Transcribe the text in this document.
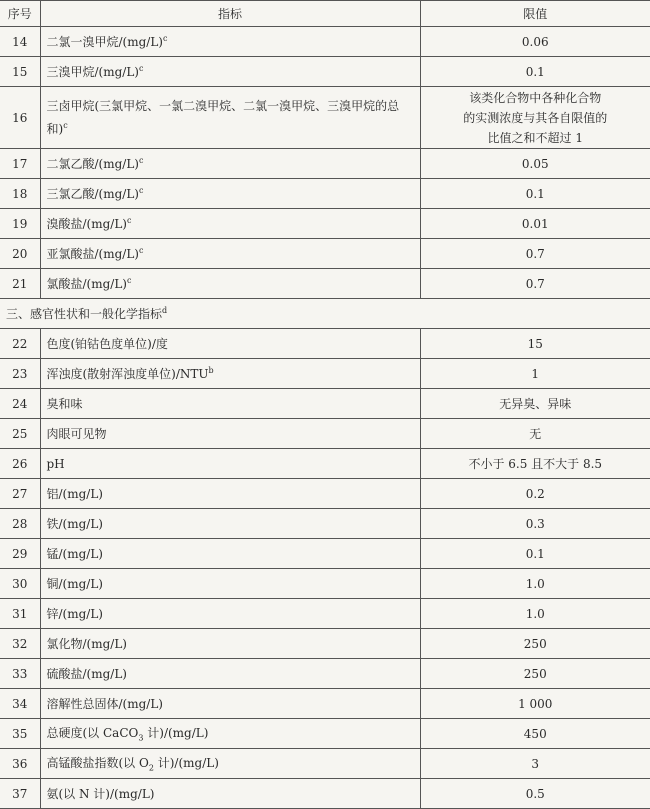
序号	指标	限值
14	二氯一溴甲烷$/(mg/L)^c$	0.06
15	三溴甲烷$/(mg/L)^c$	0.1
16	三卤甲烷(三氯甲烷、一氯二溴甲烷、二氯一溴甲烷、三溴甲烷的总和)$^c$	该类化合物中各种化合物
的实测浓度与其各自限值的
比值之和不超过 1

17	二氯乙酸$/(mg/L)^c$	0.05
18	三氯乙酸$/(mg/L)^c$	0.1
19	溴酸盐$/(mg/L)^c$	0.01
20	亚氯酸盐$/(mg/L)^c$	0.7
21	氯酸盐$/(mg/L)^c$	0.7
三、感官性状和一般化学指标$^d$
22	色度(铂钴色度单位)/度	15
23	浑浊度(散射浑浊度单位)/NTU$^b$	1
24	臭和味	无异臭、异味
25	肉眼可见物	无
26	pH	不小于 6.5 且不大于 8.5
27	铝/(mg/L)	0.2
28	铁/(mg/L)	0.3
29	锰/(mg/L)	0.1
30	铜/(mg/L)	1.0
31	锌/(mg/L)	1.0
32	氯化物/(mg/L)	250
33	硫酸盐/(mg/L)	250
34	溶解性总固体/(mg/L)	1 000
35	总硬度(以 CaCO$_3$ 计)/(mg/L)	450
36	高锰酸盐指数(以 $O_2$ 计)/(mg/L)	3
37	氨(以 N 计)/(mg/L)	0.5
